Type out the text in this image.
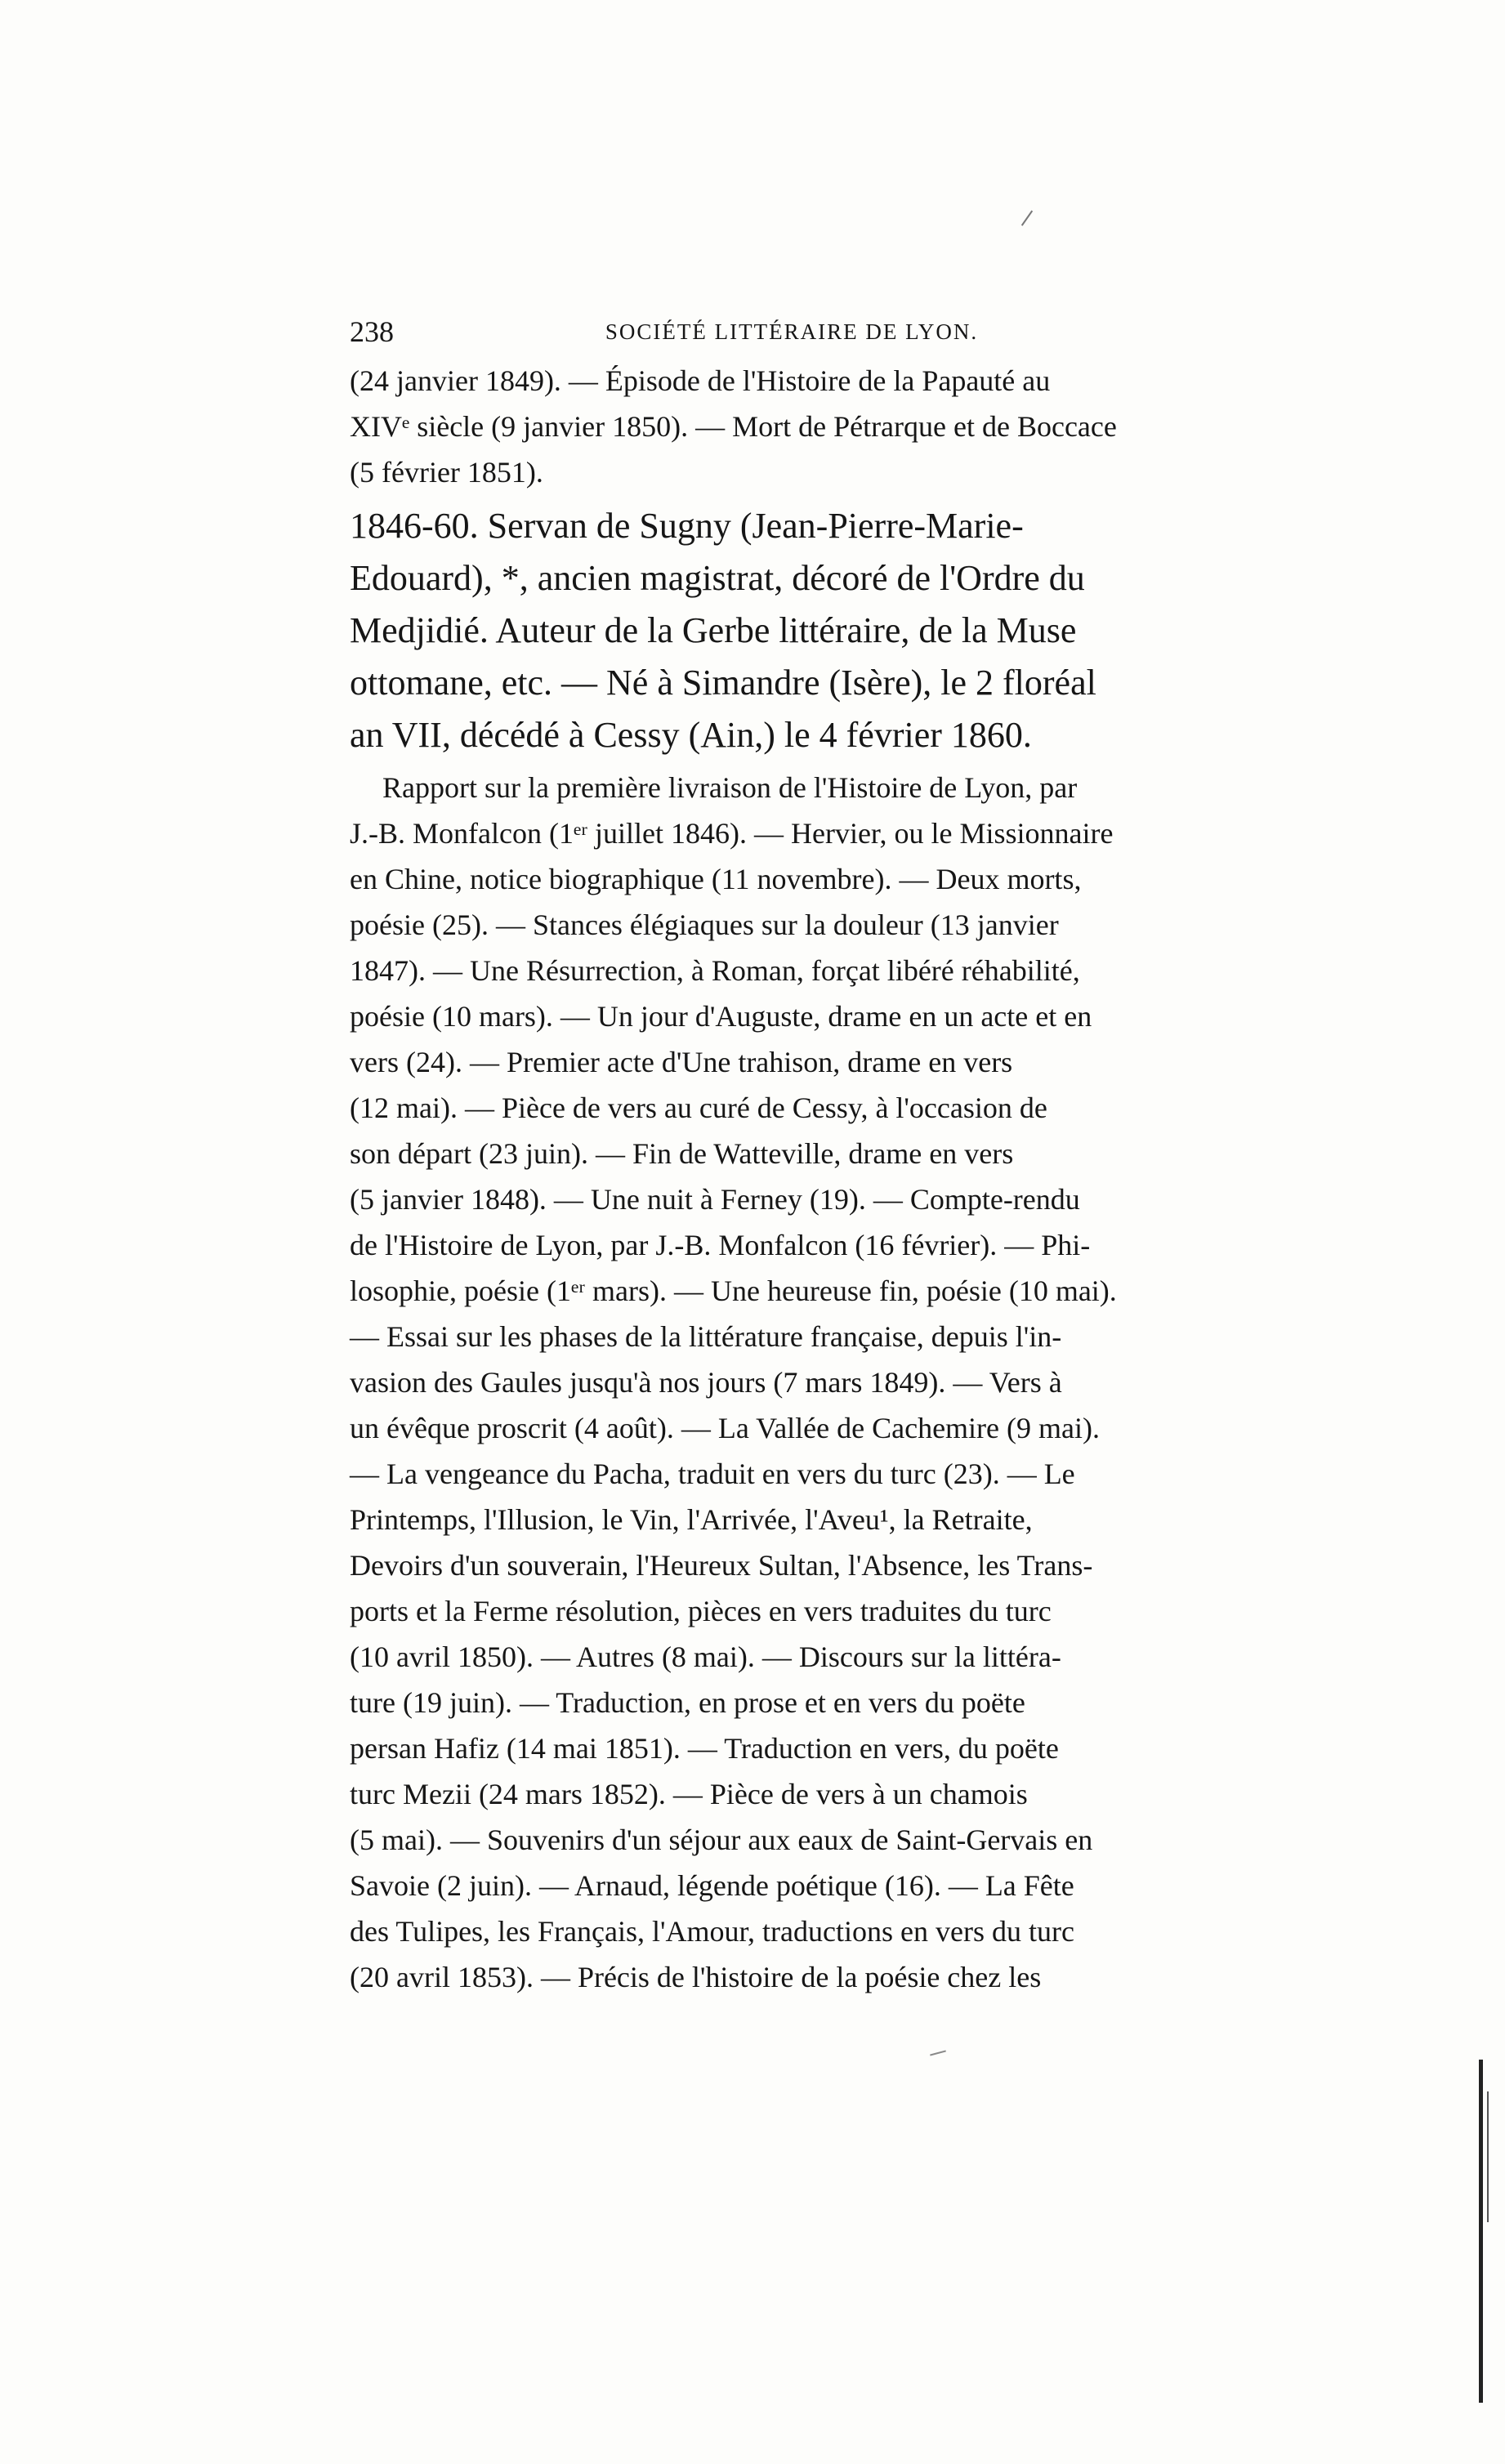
238	SOCIÉTÉ LITTÉRAIRE DE LYON.
(24 janvier 1849). — Épisode de l'Histoire de la Papauté au
XIVᵉ siècle (9 janvier 1850). — Mort de Pétrarque et de Boccace
(5 février 1851).
1846-60. Servan de Sugny (Jean-Pierre-Marie-
Edouard), *, ancien magistrat, décoré de l'Ordre du
Medjidié. Auteur de la Gerbe littéraire, de la Muse
ottomane, etc. — Né à Simandre (Isère), le 2 floréal
an VII, décédé à Cessy (Ain,) le 4 février 1860.
Rapport sur la première livraison de l'Histoire de Lyon, par
J.-B. Monfalcon (1ᵉʳ juillet 1846). — Hervier, ou le Missionnaire
en Chine, notice biographique (11 novembre). — Deux morts,
poésie (25). — Stances élégiaques sur la douleur (13 janvier
1847). — Une Résurrection, à Roman, forçat libéré réhabilité,
poésie (10 mars). — Un jour d'Auguste, drame en un acte et en
vers (24). — Premier acte d'Une trahison, drame en vers
(12 mai). — Pièce de vers au curé de Cessy, à l'occasion de
son départ (23 juin). — Fin de Watteville, drame en vers
(5 janvier 1848). — Une nuit à Ferney (19). — Compte-rendu
de l'Histoire de Lyon, par J.-B. Monfalcon (16 février). — Phi-
losophie, poésie (1ᵉʳ mars). — Une heureuse fin, poésie (10 mai).
— Essai sur les phases de la littérature française, depuis l'in-
vasion des Gaules jusqu'à nos jours (7 mars 1849). — Vers à
un évêque proscrit (4 août). — La Vallée de Cachemire (9 mai).
— La vengeance du Pacha, traduit en vers du turc (23). — Le
Printemps, l'Illusion, le Vin, l'Arrivée, l'Aveu¹, la Retraite,
Devoirs d'un souverain, l'Heureux Sultan, l'Absence, les Trans-
ports et la Ferme résolution, pièces en vers traduites du turc
(10 avril 1850). — Autres (8 mai). — Discours sur la littéra-
ture (19 juin). — Traduction, en prose et en vers du poëte
persan Hafiz (14 mai 1851). — Traduction en vers, du poëte
turc Mezii (24 mars 1852). — Pièce de vers à un chamois
(5 mai). — Souvenirs d'un séjour aux eaux de Saint-Gervais en
Savoie (2 juin). — Arnaud, légende poétique (16). — La Fête
des Tulipes, les Français, l'Amour, traductions en vers du turc
(20 avril 1853). — Précis de l'histoire de la poésie chez les
